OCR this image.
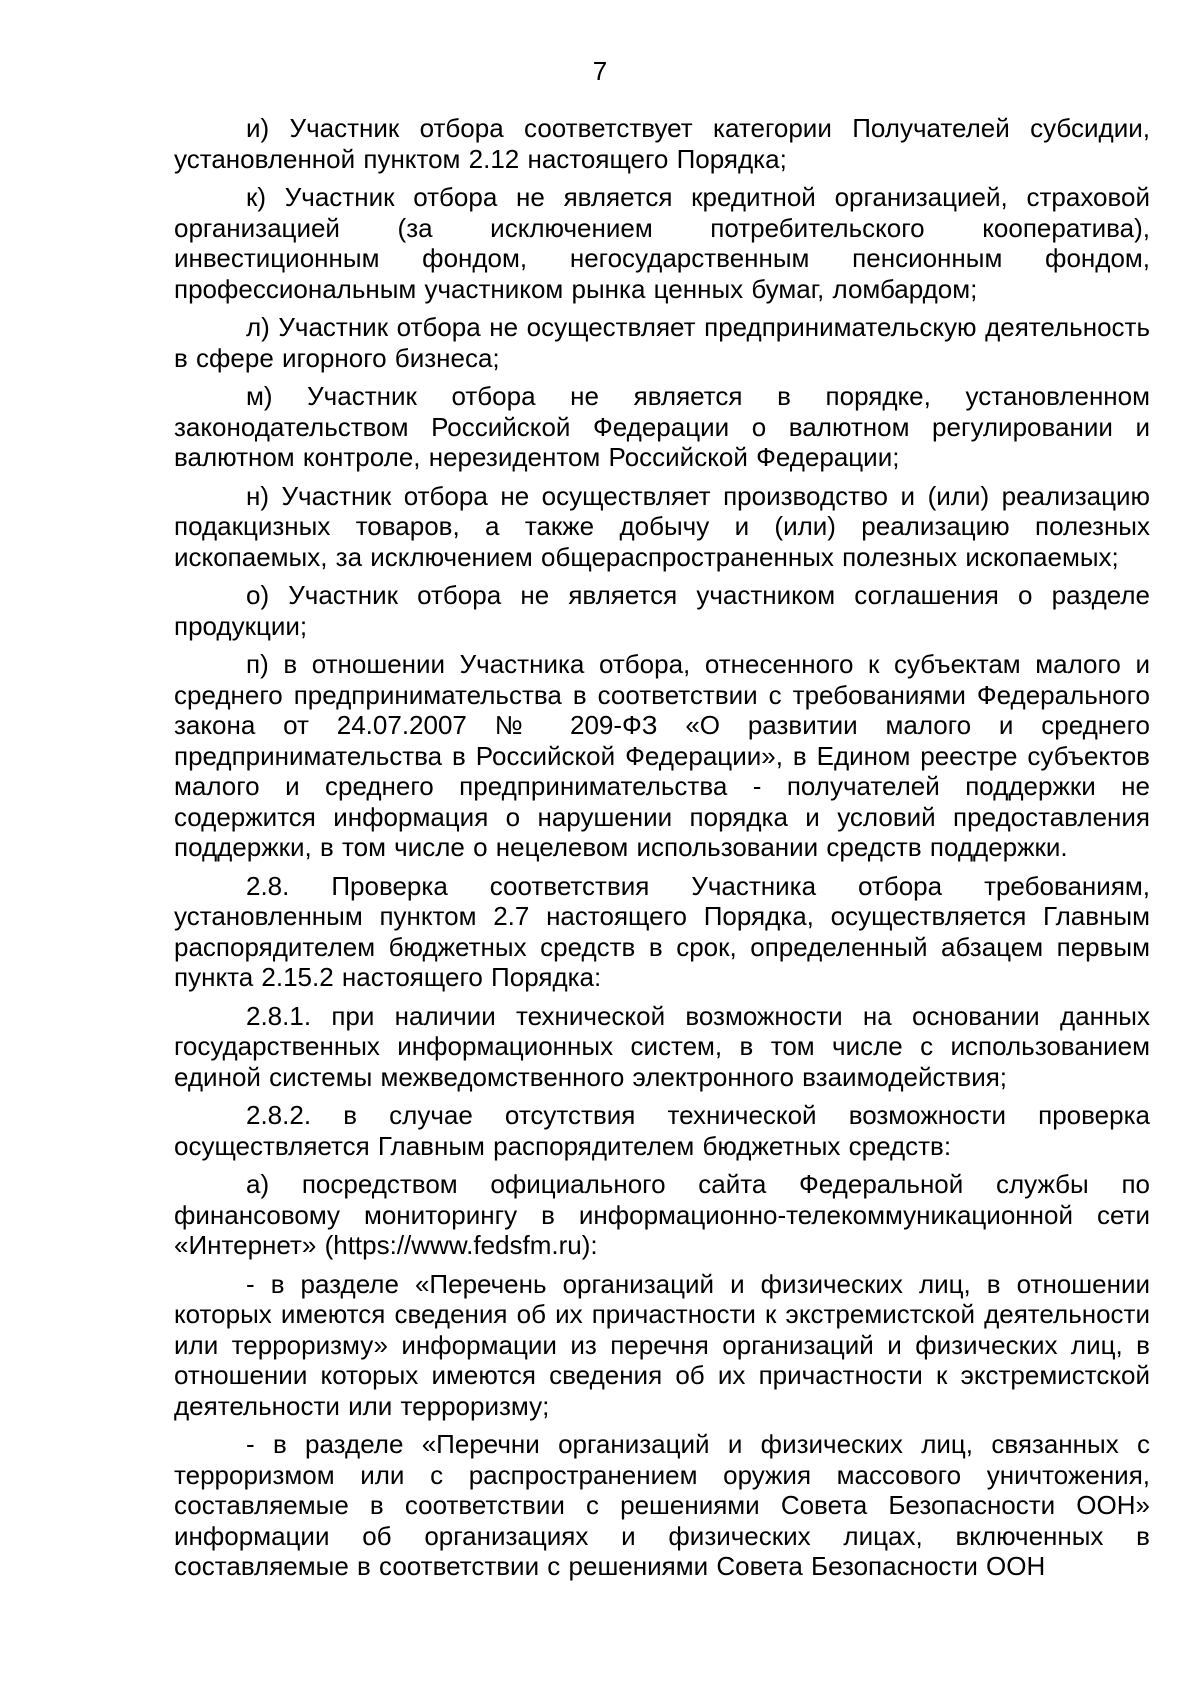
7

и) Участник отбора соответствует категории Получателей субсидии, установленной пунктом 2.12 настоящего Порядка;

к) Участник отбора не является кредитной организацией, страховой организацией (за исключением потребительского кооператива), инвестиционным фондом, негосударственным пенсионным фондом, профессиональным участником рынка ценных бумаг, ломбардом;

л) Участник отбора не осуществляет предпринимательскую деятельность в сфере игорного бизнеса;

м) Участник отбора не является в порядке, установленном законодательством Российской Федерации о валютном регулировании и валютном контроле, нерезидентом Российской Федерации;

н) Участник отбора не осуществляет производство и (или) реализацию подакцизных товаров, а также добычу и (или) реализацию полезных ископаемых, за исключением общераспространенных полезных ископаемых;

о) Участник отбора не является участником соглашения о разделе продукции;

п) в отношении Участника отбора, отнесенного к субъектам малого и среднего предпринимательства в соответствии с требованиями Федерального закона от 24.07.2007 № 209-ФЗ «О развитии малого и среднего предпринимательства в Российской Федерации», в Едином реестре субъектов малого и среднего предпринимательства - получателей поддержки не содержится информация о нарушении порядка и условий предоставления поддержки, в том числе о нецелевом использовании средств поддержки.

2.8. Проверка соответствия Участника отбора требованиям, установленным пунктом 2.7 настоящего Порядка, осуществляется Главным распорядителем бюджетных средств в срок, определенный абзацем первым пункта 2.15.2 настоящего Порядка:

2.8.1. при наличии технической возможности на основании данных государственных информационных систем, в том числе с использованием единой системы межведомственного электронного взаимодействия;

2.8.2. в случае отсутствия технической возможности проверка осуществляется Главным распорядителем бюджетных средств:

а) посредством официального сайта Федеральной службы по финансовому мониторингу в информационно-телекоммуникационной сети «Интернет» (https://www.fedsfm.ru):

- в разделе «Перечень организаций и физических лиц, в отношении которых имеются сведения об их причастности к экстремистской деятельности или терроризму» информации из перечня организаций и физических лиц, в отношении которых имеются сведения об их причастности к экстремистской деятельности или терроризму;

- в разделе «Перечни организаций и физических лиц, связанных с терроризмом или с распространением оружия массового уничтожения, составляемые в соответствии с решениями Совета Безопасности ООН» информации об организациях и физических лицах, включенных в составляемые в соответствии с решениями Совета Безопасности ООН
